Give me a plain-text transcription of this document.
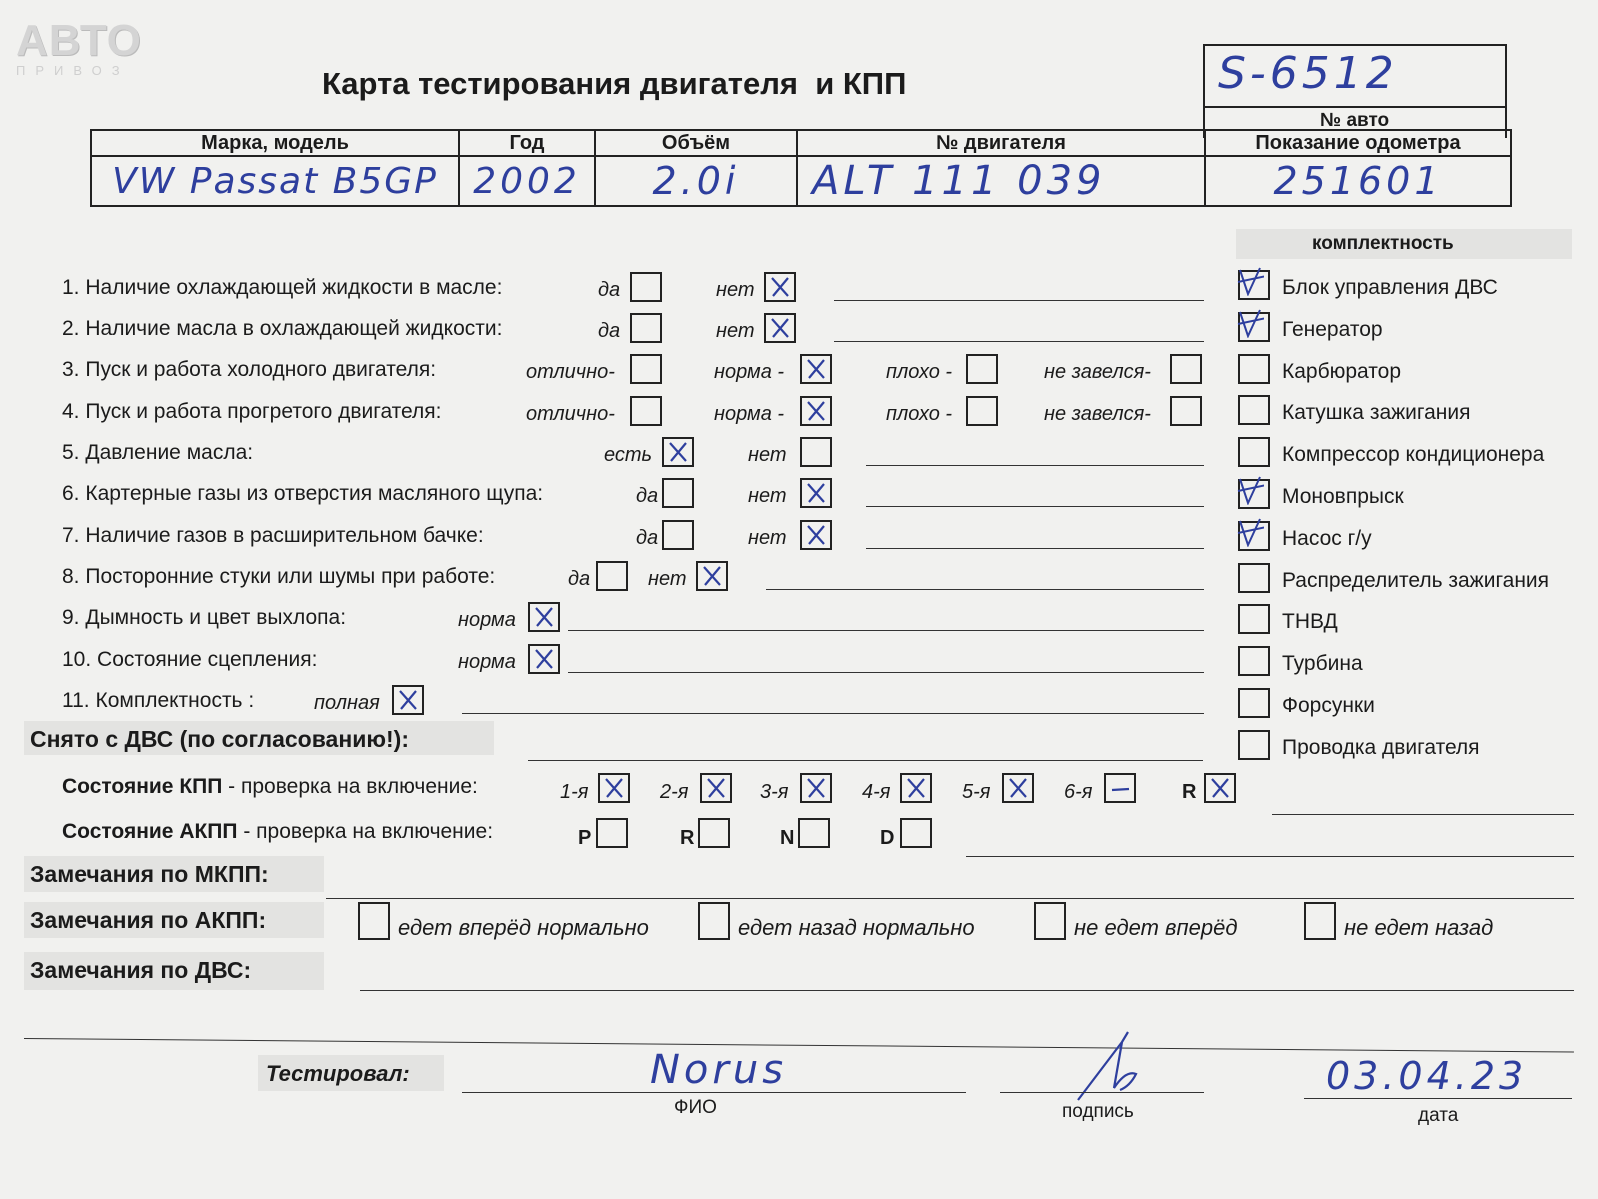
АВТО
ПРИВОЗ	Карта тестирования двигателя  и КПП	S-6512
№ авто
Марка, модель	Год	Объём	№ двигателя	Показание одометра
VW Passat B5GP	2002	2.0і	ALT 111 039	251601
1. Наличие охлаждающей жидкости в масле:	да	нет
2. Наличие масла в охлаждающей жидкости:	да	нет
3. Пуск и работа холодного двигателя:	отлично-	норма -	плохо -	не завелся-
4. Пуск и работа прогретого двигателя:	отлично-	норма -	плохо -	не завелся-
5. Давление масла:	есть	нет
6. Картерные газы из отверстия масляного щупа:	да	нет
7. Наличие газов в расширительном бачке:	да	нет
8. Посторонние стуки или шумы при работе:	да	нет
9. Дымность и цвет выхлопа:	норма
10. Состояние сцепления:	норма
11. Комплектность :	полная
комплектность
Блок управления ДВС
Генератор
Карбюратор
Катушка зажигания
Компрессор кондиционера
Моновпрыск
Насос г/у
Распределитель зажигания
ТНВД
Турбина
Форсунки
Проводка двигателя
Снято с ДВС (по согласованию!):
Состояние КПП - проверка на включение:	1-я	2-я	3-я	4-я	5-я	6-я	R
Состояние АКПП - проверка на включение:	P	R	N	D
Замечания по МКПП:
Замечания по АКПП:	едет вперёд нормально	едет назад нормально	не едет вперёд	не едет назад
Замечания по ДВС:
Тестировал:	Norus
ФИО	подпись
03.04.23
дата
